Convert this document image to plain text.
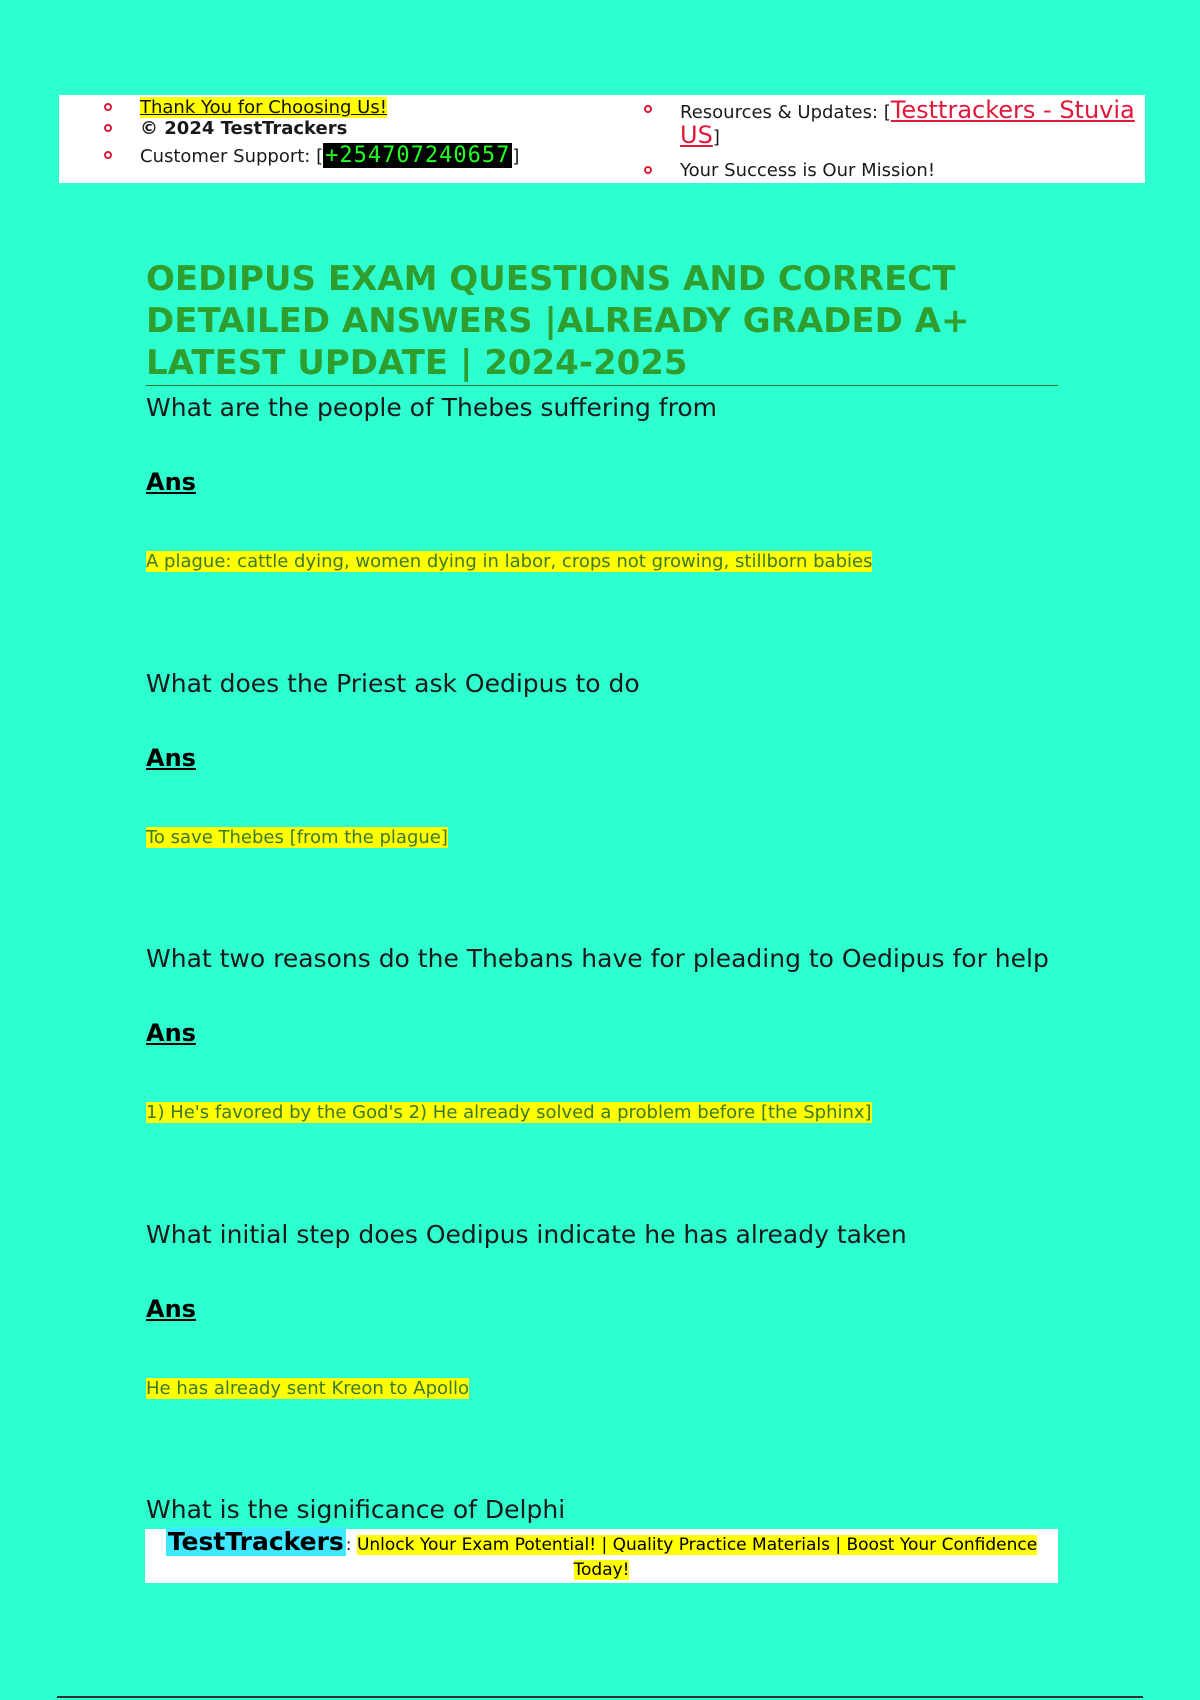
Thank You for Choosing Us!
© 2024 TestTrackers
Customer Support: [+254707240657 ]
Resources & Updates: [Testtrackers - Stuvia US]
Your Success is Our Mission!
OEDIPUS EXAM QUESTIONS AND CORRECT DETAILED ANSWERS |ALREADY GRADED A+ LATEST UPDATE | 2024-2025
What are the people of Thebes suffering from
Ans
A plague: cattle dying, women dying in labor, crops not growing, stillborn babies
What does the Priest ask Oedipus to do
Ans
To save Thebes [from the plague]
What two reasons do the Thebans have for pleading to Oedipus for help
Ans
1) He's favored by the God's 2) He already solved a problem before [the Sphinx]
What initial step does Oedipus indicate he has already taken
Ans
He has already sent Kreon to Apollo
What is the significance of Delphi
TestTrackers : Unlock Your Exam Potential! | Quality Practice Materials | Boost Your Confidence Today!
